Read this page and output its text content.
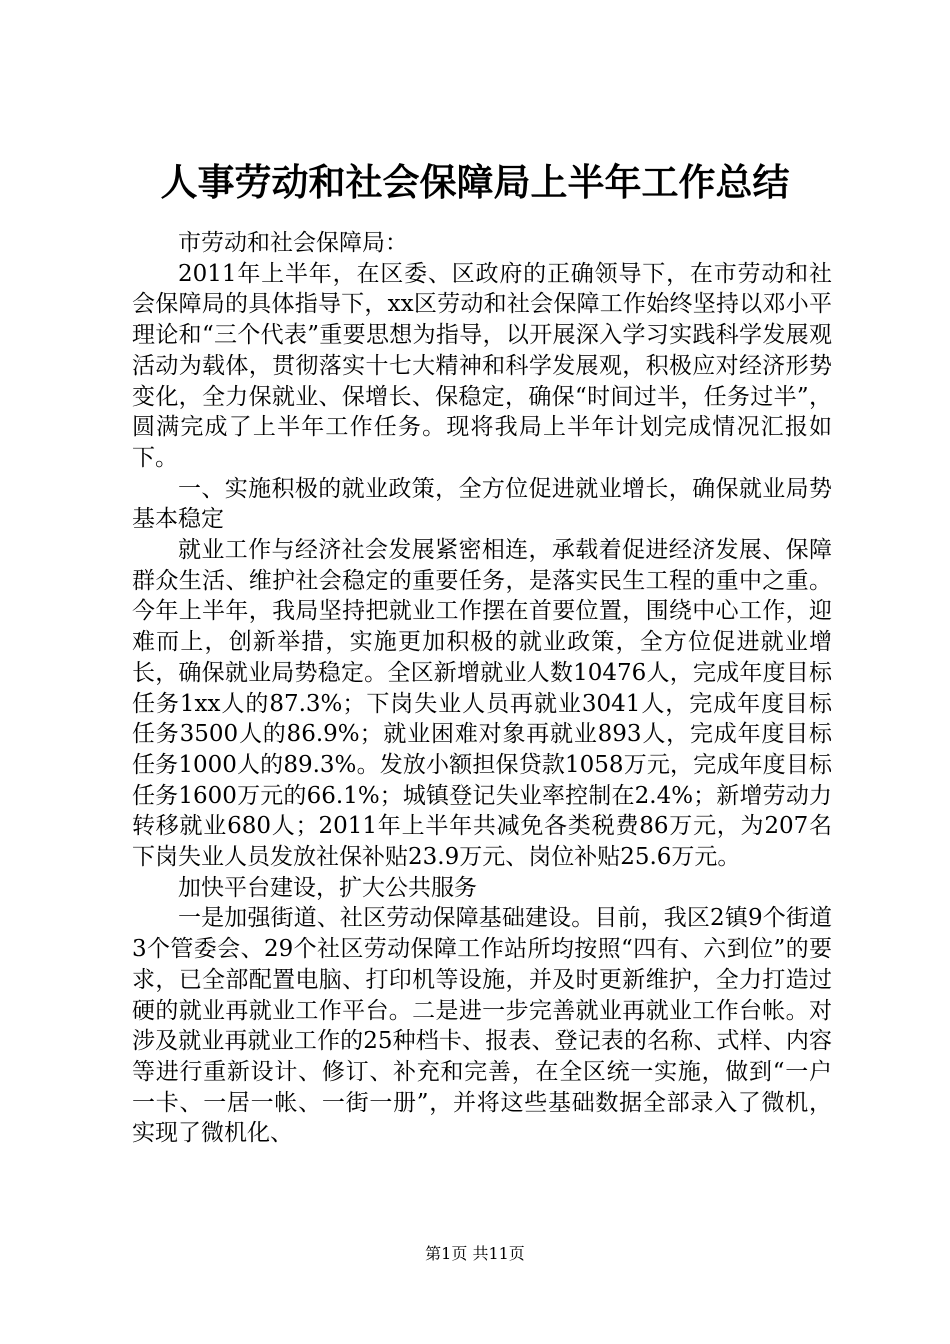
人事劳动和社会保障局上半年工作总结

市劳动和社会保障局：

2011年上半年，在区委、区政府的正确领导下，在市劳动和社会保障局的具体指导下，xx区劳动和社会保障工作始终坚持以邓小平理论和“三个代表”重要思想为指导，以开展深入学习实践科学发展观活动为载体，贯彻落实十七大精神和科学发展观，积极应对经济形势变化，全力保就业、保增长、保稳定，确保“时间过半，任务过半”，圆满完成了上半年工作任务。现将我局上半年计划完成情况汇报如下。

一、实施积极的就业政策，全方位促进就业增长，确保就业局势基本稳定

就业工作与经济社会发展紧密相连，承载着促进经济发展、保障群众生活、维护社会稳定的重要任务，是落实民生工程的重中之重。今年上半年，我局坚持把就业工作摆在首要位置，围绕中心工作，迎难而上，创新举措，实施更加积极的就业政策，全方位促进就业增长，确保就业局势稳定。全区新增就业人数10476人，完成年度目标任务1xx人的87.3%；下岗失业人员再就业3041人，完成年度目标任务3500人的86.9%；就业困难对象再就业893人，完成年度目标任务1000人的89.3%。发放小额担保贷款1058万元，完成年度目标任务1600万元的66.1%；城镇登记失业率控制在2.4%；新增劳动力转移就业680人；2011年上半年共减免各类税费86万元，为207名下岗失业人员发放社保补贴23.9万元、岗位补贴25.6万元。

加快平台建设，扩大公共服务

一是加强街道、社区劳动保障基础建设。目前，我区2镇9个街道3个管委会、29个社区劳动保障工作站所均按照“四有、六到位”的要求，已全部配置电脑、打印机等设施，并及时更新维护，全力打造过硬的就业再就业工作平台。二是进一步完善就业再就业工作台帐。对涉及就业再就业工作的25种档卡、报表、登记表的名称、式样、内容等进行重新设计、修订、补充和完善，在全区统一实施，做到“一户一卡、一居一帐、一街一册”，并将这些基础数据全部录入了微机，实现了微机化、

第1页 共11页
